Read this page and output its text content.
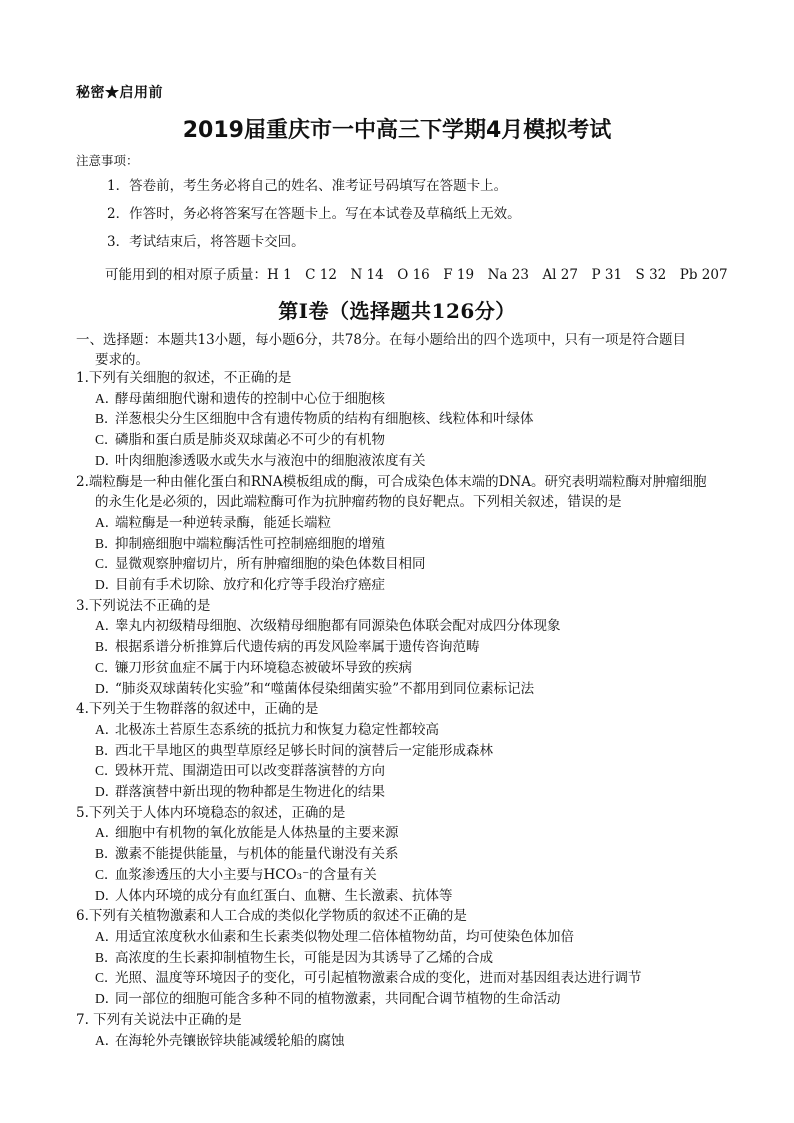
秘密★启用前
2019届重庆市一中高三下学期4月模拟考试
注意事项：
1．答卷前，考生务必将自己的姓名、准考证号码填写在答题卡上。
2．作答时，务必将答案写在答题卡上。写在本试卷及草稿纸上无效。
3．考试结束后，将答题卡交回。
可能用到的相对原子质量：H 1　C 12　N 14　O 16　F 19　Na 23　Al 27　P 31　S 32　Pb 207
第Ⅰ卷（选择题共126分）
一、选择题：本题共13小题，每小题6分，共78分。在每小题给出的四个选项中，只有一项是符合题目
要求的。
1.下列有关细胞的叙述，不正确的是
A．酵母菌细胞代谢和遗传的控制中心位于细胞核
B．洋葱根尖分生区细胞中含有遗传物质的结构有细胞核、线粒体和叶绿体
C．磷脂和蛋白质是肺炎双球菌必不可少的有机物
D．叶肉细胞渗透吸水或失水与液泡中的细胞液浓度有关
2.端粒酶是一种由催化蛋白和RNA模板组成的酶，可合成染色体末端的DNA。研究表明端粒酶对肿瘤细胞
的永生化是必须的，因此端粒酶可作为抗肿瘤药物的良好靶点。下列相关叙述，错误的是
A．端粒酶是一种逆转录酶，能延长端粒
B．抑制癌细胞中端粒酶活性可控制癌细胞的增殖
C．显微观察肿瘤切片，所有肿瘤细胞的染色体数目相同
D．目前有手术切除、放疗和化疗等手段治疗癌症
3.下列说法不正确的是
A．睾丸内初级精母细胞、次级精母细胞都有同源染色体联会配对成四分体现象
B．根据系谱分析推算后代遗传病的再发风险率属于遗传咨询范畴
C．镰刀形贫血症不属于内环境稳态被破坏导致的疾病
D．“肺炎双球菌转化实验”和“噬菌体侵染细菌实验”不都用到同位素标记法
4.下列关于生物群落的叙述中，正确的是
A．北极冻土苔原生态系统的抵抗力和恢复力稳定性都较高
B．西北干旱地区的典型草原经足够长时间的演替后一定能形成森林
C．毁林开荒、围湖造田可以改变群落演替的方向
D．群落演替中新出现的物种都是生物进化的结果
5.下列关于人体内环境稳态的叙述，正确的是
A．细胞中有机物的氧化放能是人体热量的主要来源
B．激素不能提供能量，与机体的能量代谢没有关系
C．血浆渗透压的大小主要与HCO₃⁻的含量有关
D．人体内环境的成分有血红蛋白、血糖、生长激素、抗体等
6.下列有关植物激素和人工合成的类似化学物质的叙述不正确的是
A．用适宜浓度秋水仙素和生长素类似物处理二倍体植物幼苗，均可使染色体加倍
B．高浓度的生长素抑制植物生长，可能是因为其诱导了乙烯的合成
C．光照、温度等环境因子的变化，可引起植物激素合成的变化，进而对基因组表达进行调节
D．同一部位的细胞可能含多种不同的植物激素，共同配合调节植物的生命活动
7. 下列有关说法中正确的是
A．在海轮外壳镶嵌锌块能减缓轮船的腐蚀
